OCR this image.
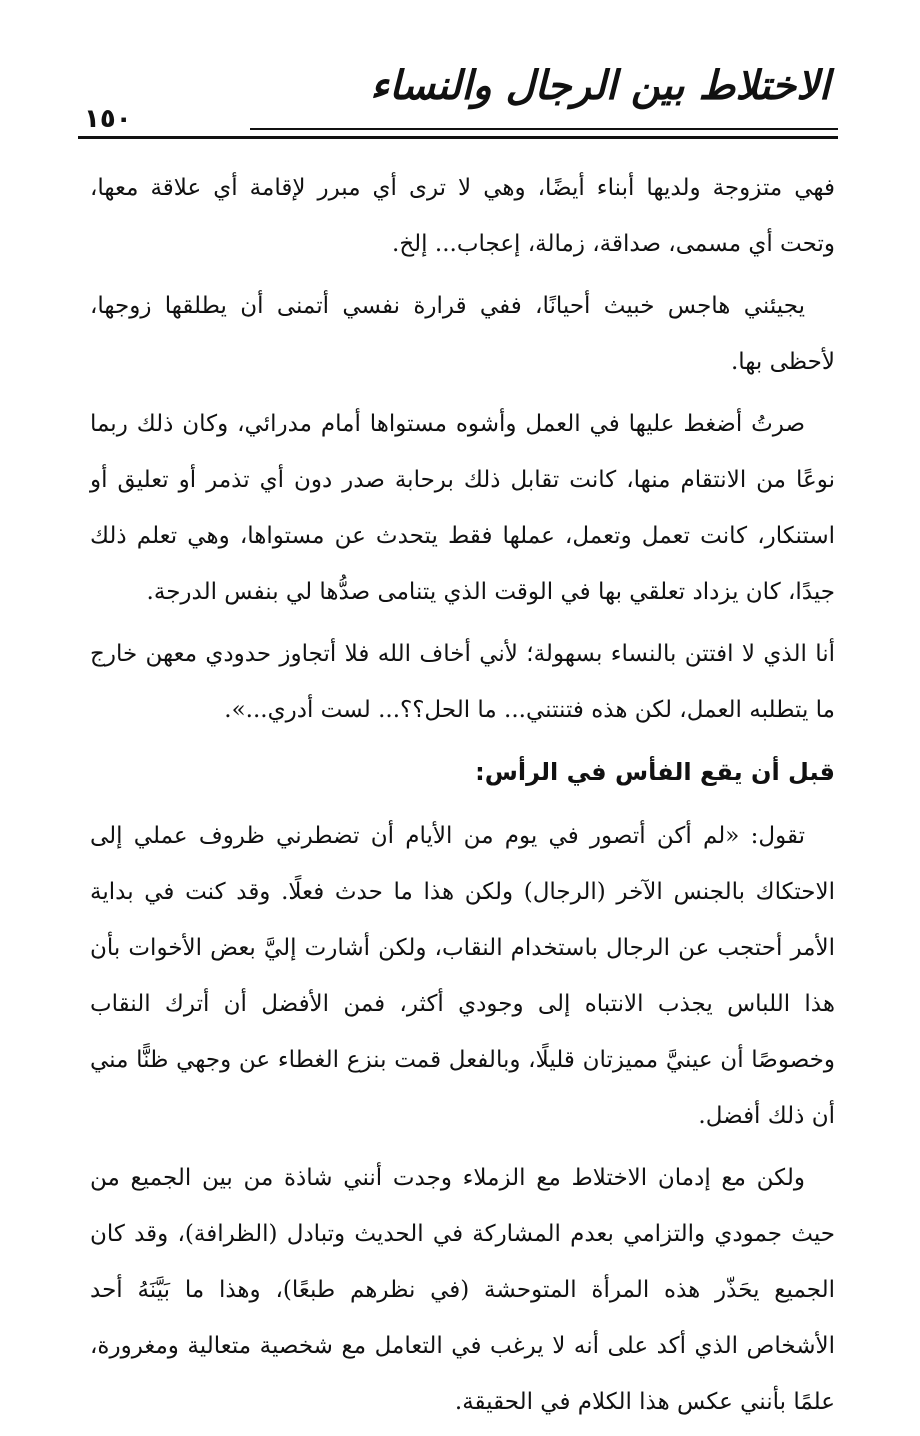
١٥٠
الاختلاط بين الرجال والنساء

فهي متزوجة ولديها أبناء أيضًا، وهي لا ترى أي مبرر لإقامة أي علاقة معها، وتحت أي مسمى، صداقة، زمالة، إعجاب... إلخ.

يجيئني هاجس خبيث أحيانًا، ففي قرارة نفسي أتمنى أن يطلقها زوجها، لأحظى بها.

صرتُ أضغط عليها في العمل وأشوه مستواها أمام مدرائي، وكان ذلك ربما نوعًا من الانتقام منها، كانت تقابل ذلك برحابة صدر دون أي تذمر أو تعليق أو استنكار، كانت تعمل وتعمل، عملها فقط يتحدث عن مستواها، وهي تعلم ذلك جيدًا، كان يزداد تعلقي بها في الوقت الذي يتنامى صدُّها لي بنفس الدرجة.

أنا الذي لا افتتن بالنساء بسهولة؛ لأني أخاف الله فلا أتجاوز حدودي معهن خارج ما يتطلبه العمل، لكن هذه فتنتني... ما الحل؟؟... لست أدري...».

قبل أن يقع الفأس في الرأس:

تقول: «لم أكن أتصور في يوم من الأيام أن تضطرني ظروف عملي إلى الاحتكاك بالجنس الآخر (الرجال) ولكن هذا ما حدث فعلًا. وقد كنت في بداية الأمر أحتجب عن الرجال باستخدام النقاب، ولكن أشارت إليَّ بعض الأخوات بأن هذا اللباس يجذب الانتباه إلى وجودي أكثر، فمن الأفضل أن أترك النقاب وخصوصًا أن عينيَّ مميزتان قليلًا، وبالفعل قمت بنزع الغطاء عن وجهي ظنًّا مني أن ذلك أفضل.

ولكن مع إدمان الاختلاط مع الزملاء وجدت أنني شاذة من بين الجميع من حيث جمودي والتزامي بعدم المشاركة في الحديث وتبادل (الظرافة)، وقد كان الجميع يحَذّر هذه المرأة المتوحشة (في نظرهم طبعًا)، وهذا ما بَيَّنَهُ أحد الأشخاص الذي أكد على أنه لا يرغب في التعامل مع شخصية متعالية ومغرورة، علمًا بأنني عكس هذا الكلام في الحقيقة.
